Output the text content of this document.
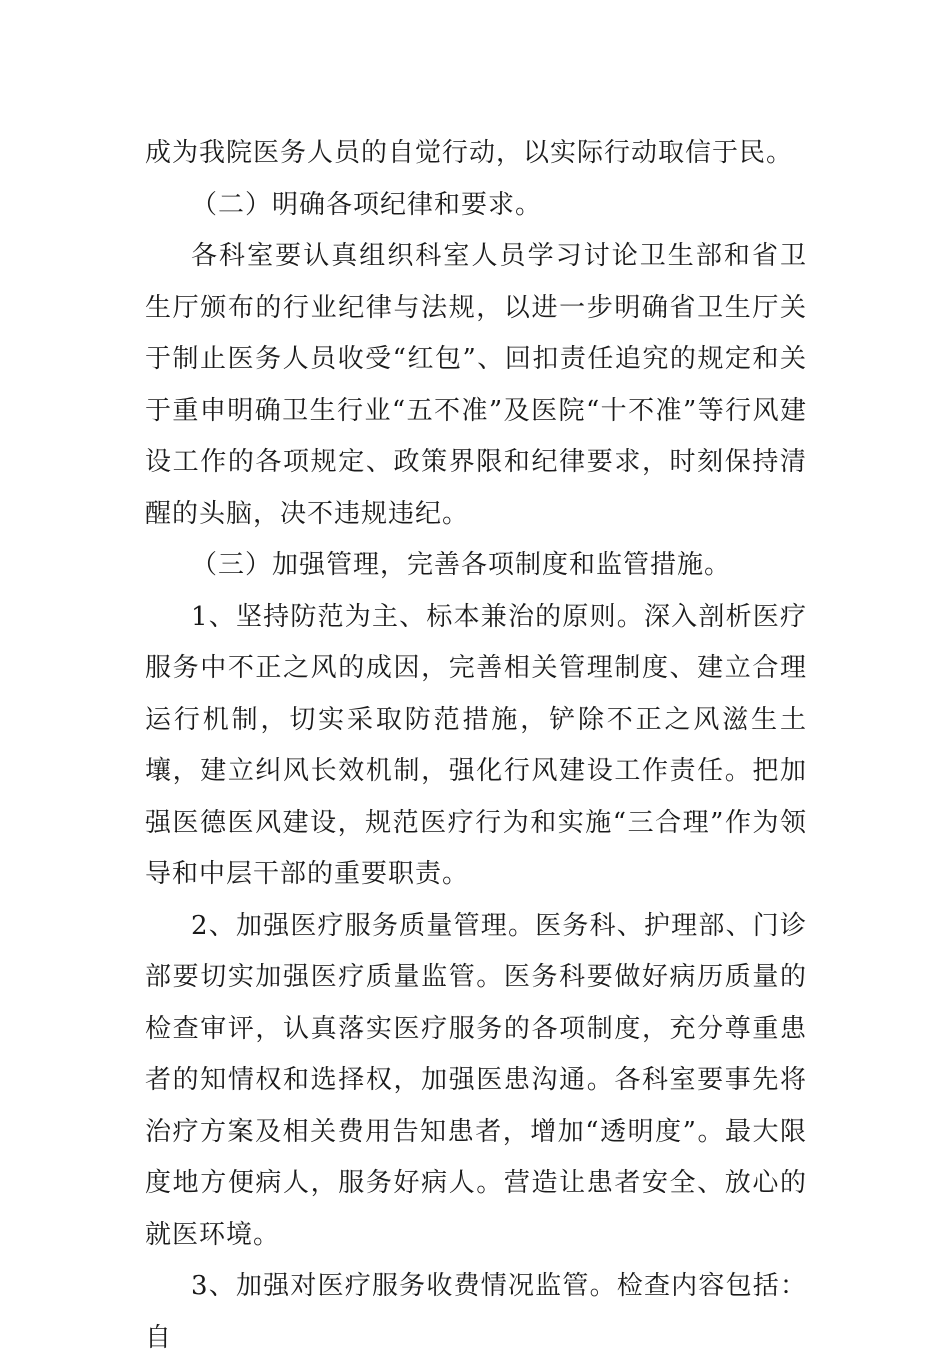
成为我院医务人员的自觉行动，以实际行动取信于民。

（二）明确各项纪律和要求。

各科室要认真组织科室人员学习讨论卫生部和省卫生厅颁布的行业纪律与法规，以进一步明确省卫生厅关于制止医务人员收受“红包”、回扣责任追究的规定和关于重申明确卫生行业“五不准”及医院“十不准”等行风建设工作的各项规定、政策界限和纪律要求，时刻保持清醒的头脑，决不违规违纪。

（三）加强管理，完善各项制度和监管措施。

1、坚持防范为主、标本兼治的原则。深入剖析医疗服务中不正之风的成因，完善相关管理制度、建立合理运行机制，切实采取防范措施，铲除不正之风滋生土壤，建立纠风长效机制，强化行风建设工作责任。把加强医德医风建设，规范医疗行为和实施“三合理”作为领导和中层干部的重要职责。

2、加强医疗服务质量管理。医务科、护理部、门诊部要切实加强医疗质量监管。医务科要做好病历质量的检查审评，认真落实医疗服务的各项制度，充分尊重患者的知情权和选择权，加强医患沟通。各科室要事先将治疗方案及相关费用告知患者，增加“透明度”。最大限度地方便病人，服务好病人。营造让患者安全、放心的就医环境。

3、加强对医疗服务收费情况监管。检查内容包括：自
